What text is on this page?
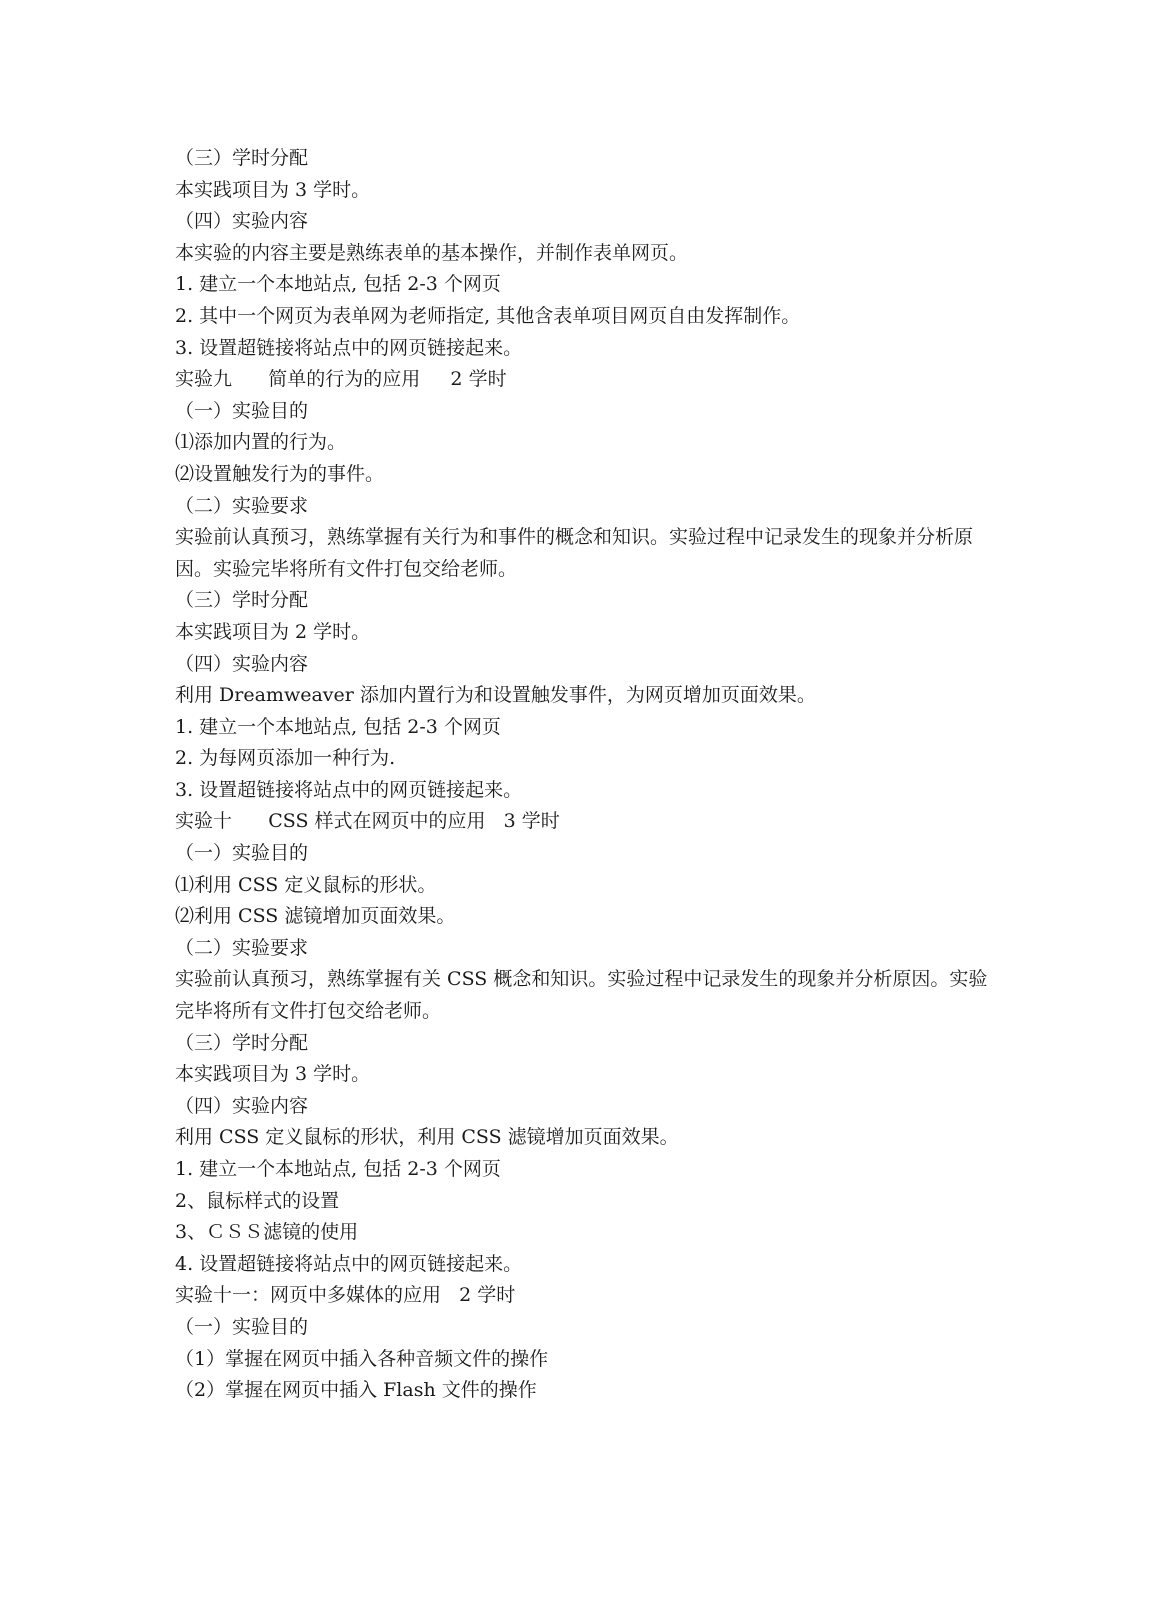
（三）学时分配

本实践项目为 3 学时。

（四）实验内容

本实验的内容主要是熟练表单的基本操作，并制作表单网页。

1. 建立一个本地站点, 包括 2-3 个网页

2. 其中一个网页为表单网为老师指定, 其他含表单项目网页自由发挥制作。

3. 设置超链接将站点中的网页链接起来。

实验九      简单的行为的应用     2 学时

（一）实验目的

⑴添加内置的行为。

⑵设置触发行为的事件。

（二）实验要求

实验前认真预习，熟练掌握有关行为和事件的概念和知识。实验过程中记录发生的现象并分析原因。实验完毕将所有文件打包交给老师。

（三）学时分配

本实践项目为 2 学时。

（四）实验内容

利用 Dreamweaver 添加内置行为和设置触发事件，为网页增加页面效果。

1. 建立一个本地站点, 包括 2-3 个网页

2. 为每网页添加一种行为.

3. 设置超链接将站点中的网页链接起来。

实验十      CSS 样式在网页中的应用   3 学时

（一）实验目的

⑴利用 CSS 定义鼠标的形状。

⑵利用 CSS 滤镜增加页面效果。

（二）实验要求

实验前认真预习，熟练掌握有关 CSS 概念和知识。实验过程中记录发生的现象并分析原因。实验完毕将所有文件打包交给老师。

（三）学时分配

本实践项目为 3 学时。

（四）实验内容

利用 CSS 定义鼠标的形状，利用 CSS 滤镜增加页面效果。

1. 建立一个本地站点, 包括 2-3 个网页

2、鼠标样式的设置

3、ＣＳＳ滤镜的使用

4. 设置超链接将站点中的网页链接起来。

实验十一：网页中多媒体的应用   2 学时

（一）实验目的

（1）掌握在网页中插入各种音频文件的操作

（2）掌握在网页中插入 Flash 文件的操作
